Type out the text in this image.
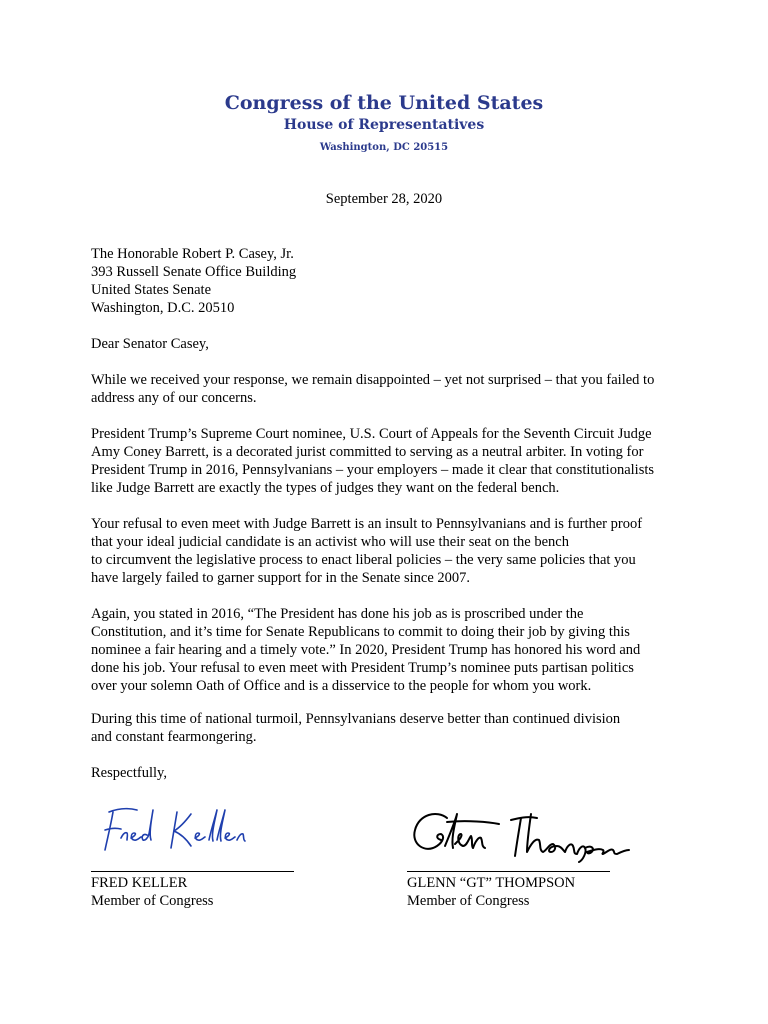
Congress of the United States
House of Representatives
Washington, DC 20515
September 28, 2020
The Honorable Robert P. Casey, Jr.
393 Russell Senate Office Building
United States Senate
Washington, D.C. 20510
Dear Senator Casey,
While we received your response, we remain disappointed – yet not surprised – that you failed to
address any of our concerns.
President Trump’s Supreme Court nominee, U.S. Court of Appeals for the Seventh Circuit Judge
Amy Coney Barrett, is a decorated jurist committed to serving as a neutral arbiter. In voting for
President Trump in 2016, Pennsylvanians – your employers – made it clear that constitutionalists
like Judge Barrett are exactly the types of judges they want on the federal bench.
Your refusal to even meet with Judge Barrett is an insult to Pennsylvanians and is further proof
that your ideal judicial candidate is an activist who will use their seat on the bench
to circumvent the legislative process to enact liberal policies – the very same policies that you
have largely failed to garner support for in the Senate since 2007.
Again, you stated in 2016, “The President has done his job as is proscribed under the
Constitution, and it’s time for Senate Republicans to commit to doing their job by giving this
nominee a fair hearing and a timely vote.” In 2020, President Trump has honored his word and
done his job. Your refusal to even meet with President Trump’s nominee puts partisan politics
over your solemn Oath of Office and is a disservice to the people for whom you work.
During this time of national turmoil, Pennsylvanians deserve better than continued division
and constant fearmongering.
Respectfully,
FRED KELLER
Member of Congress
GLENN “GT” THOMPSON
Member of Congress
